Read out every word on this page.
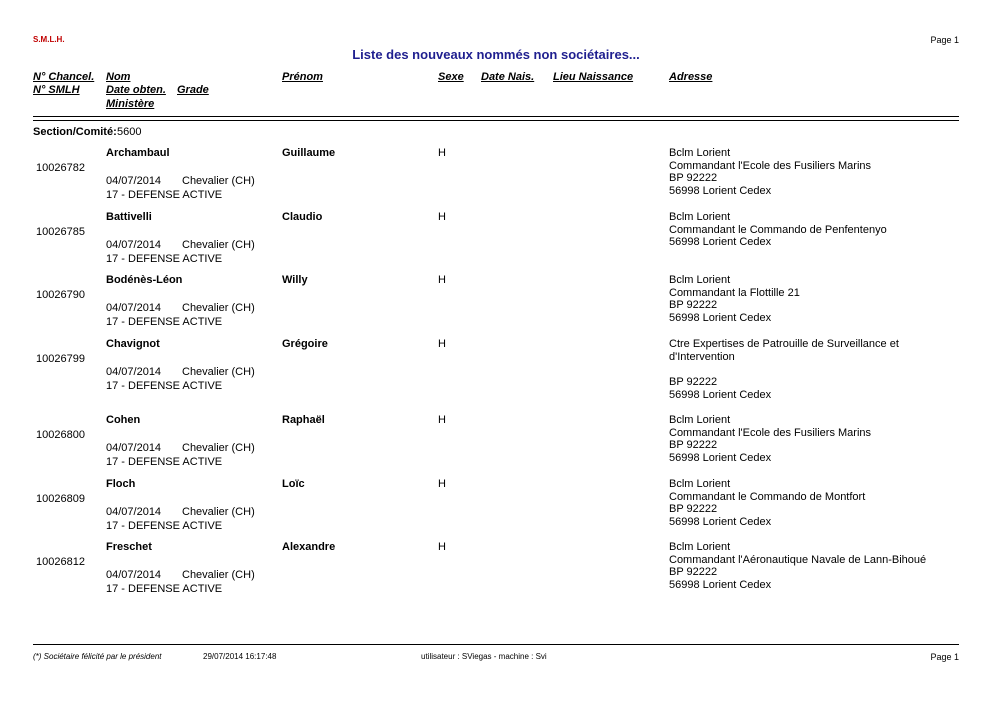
S.M.L.H.	Page 1
Liste des nouveaux nommés non sociétaires...
N° Chancel.
N° SMLH
Nom
Date obten. Grade
Ministère
Prénom	Sexe Date Nais. Lieu Naissance	Adresse
Section/Comité: 5600
10026782
Archambaul
04/07/2014 Chevalier (CH)
17 - DEFENSE ACTIVE
Guillaume	H	Bclm Lorient
Commandant l'Ecole des Fusiliers Marins
BP 92222
56998 Lorient Cedex
10026785
Battivelli
04/07/2014 Chevalier (CH)
17 - DEFENSE ACTIVE
Claudio	H	Bclm Lorient
Commandant le Commando de Penfentenyo
56998 Lorient Cedex
10026790
Bodénès-Léon
04/07/2014 Chevalier (CH)
17 - DEFENSE ACTIVE
Willy	H	Bclm Lorient
Commandant la Flottille 21
BP 92222
56998 Lorient Cedex
10026799
Chavignot
04/07/2014 Chevalier (CH)
17 - DEFENSE ACTIVE
Grégoire	H	Ctre Expertises de Patrouille de Surveillance et
d'Intervention
BP 92222
56998 Lorient Cedex
10026800
Cohen
04/07/2014 Chevalier (CH)
17 - DEFENSE ACTIVE
Raphaël	H	Bclm Lorient
Commandant l'Ecole des Fusiliers Marins
BP 92222
56998 Lorient Cedex
10026809
Floch
04/07/2014 Chevalier (CH)
17 - DEFENSE ACTIVE
Loïc	H	Bclm Lorient
Commandant le Commando de Montfort
BP 92222
56998 Lorient Cedex
10026812
Freschet
04/07/2014 Chevalier (CH)
17 - DEFENSE ACTIVE
Alexandre	H	Bclm Lorient
Commandant l'Aéronautique Navale de Lann-Bihoué
BP 92222
56998 Lorient Cedex
(*) Sociétaire félicité par le président	29/07/2014 16:17:48	utilisateur : SViegas - machine : Svi	Page 1
